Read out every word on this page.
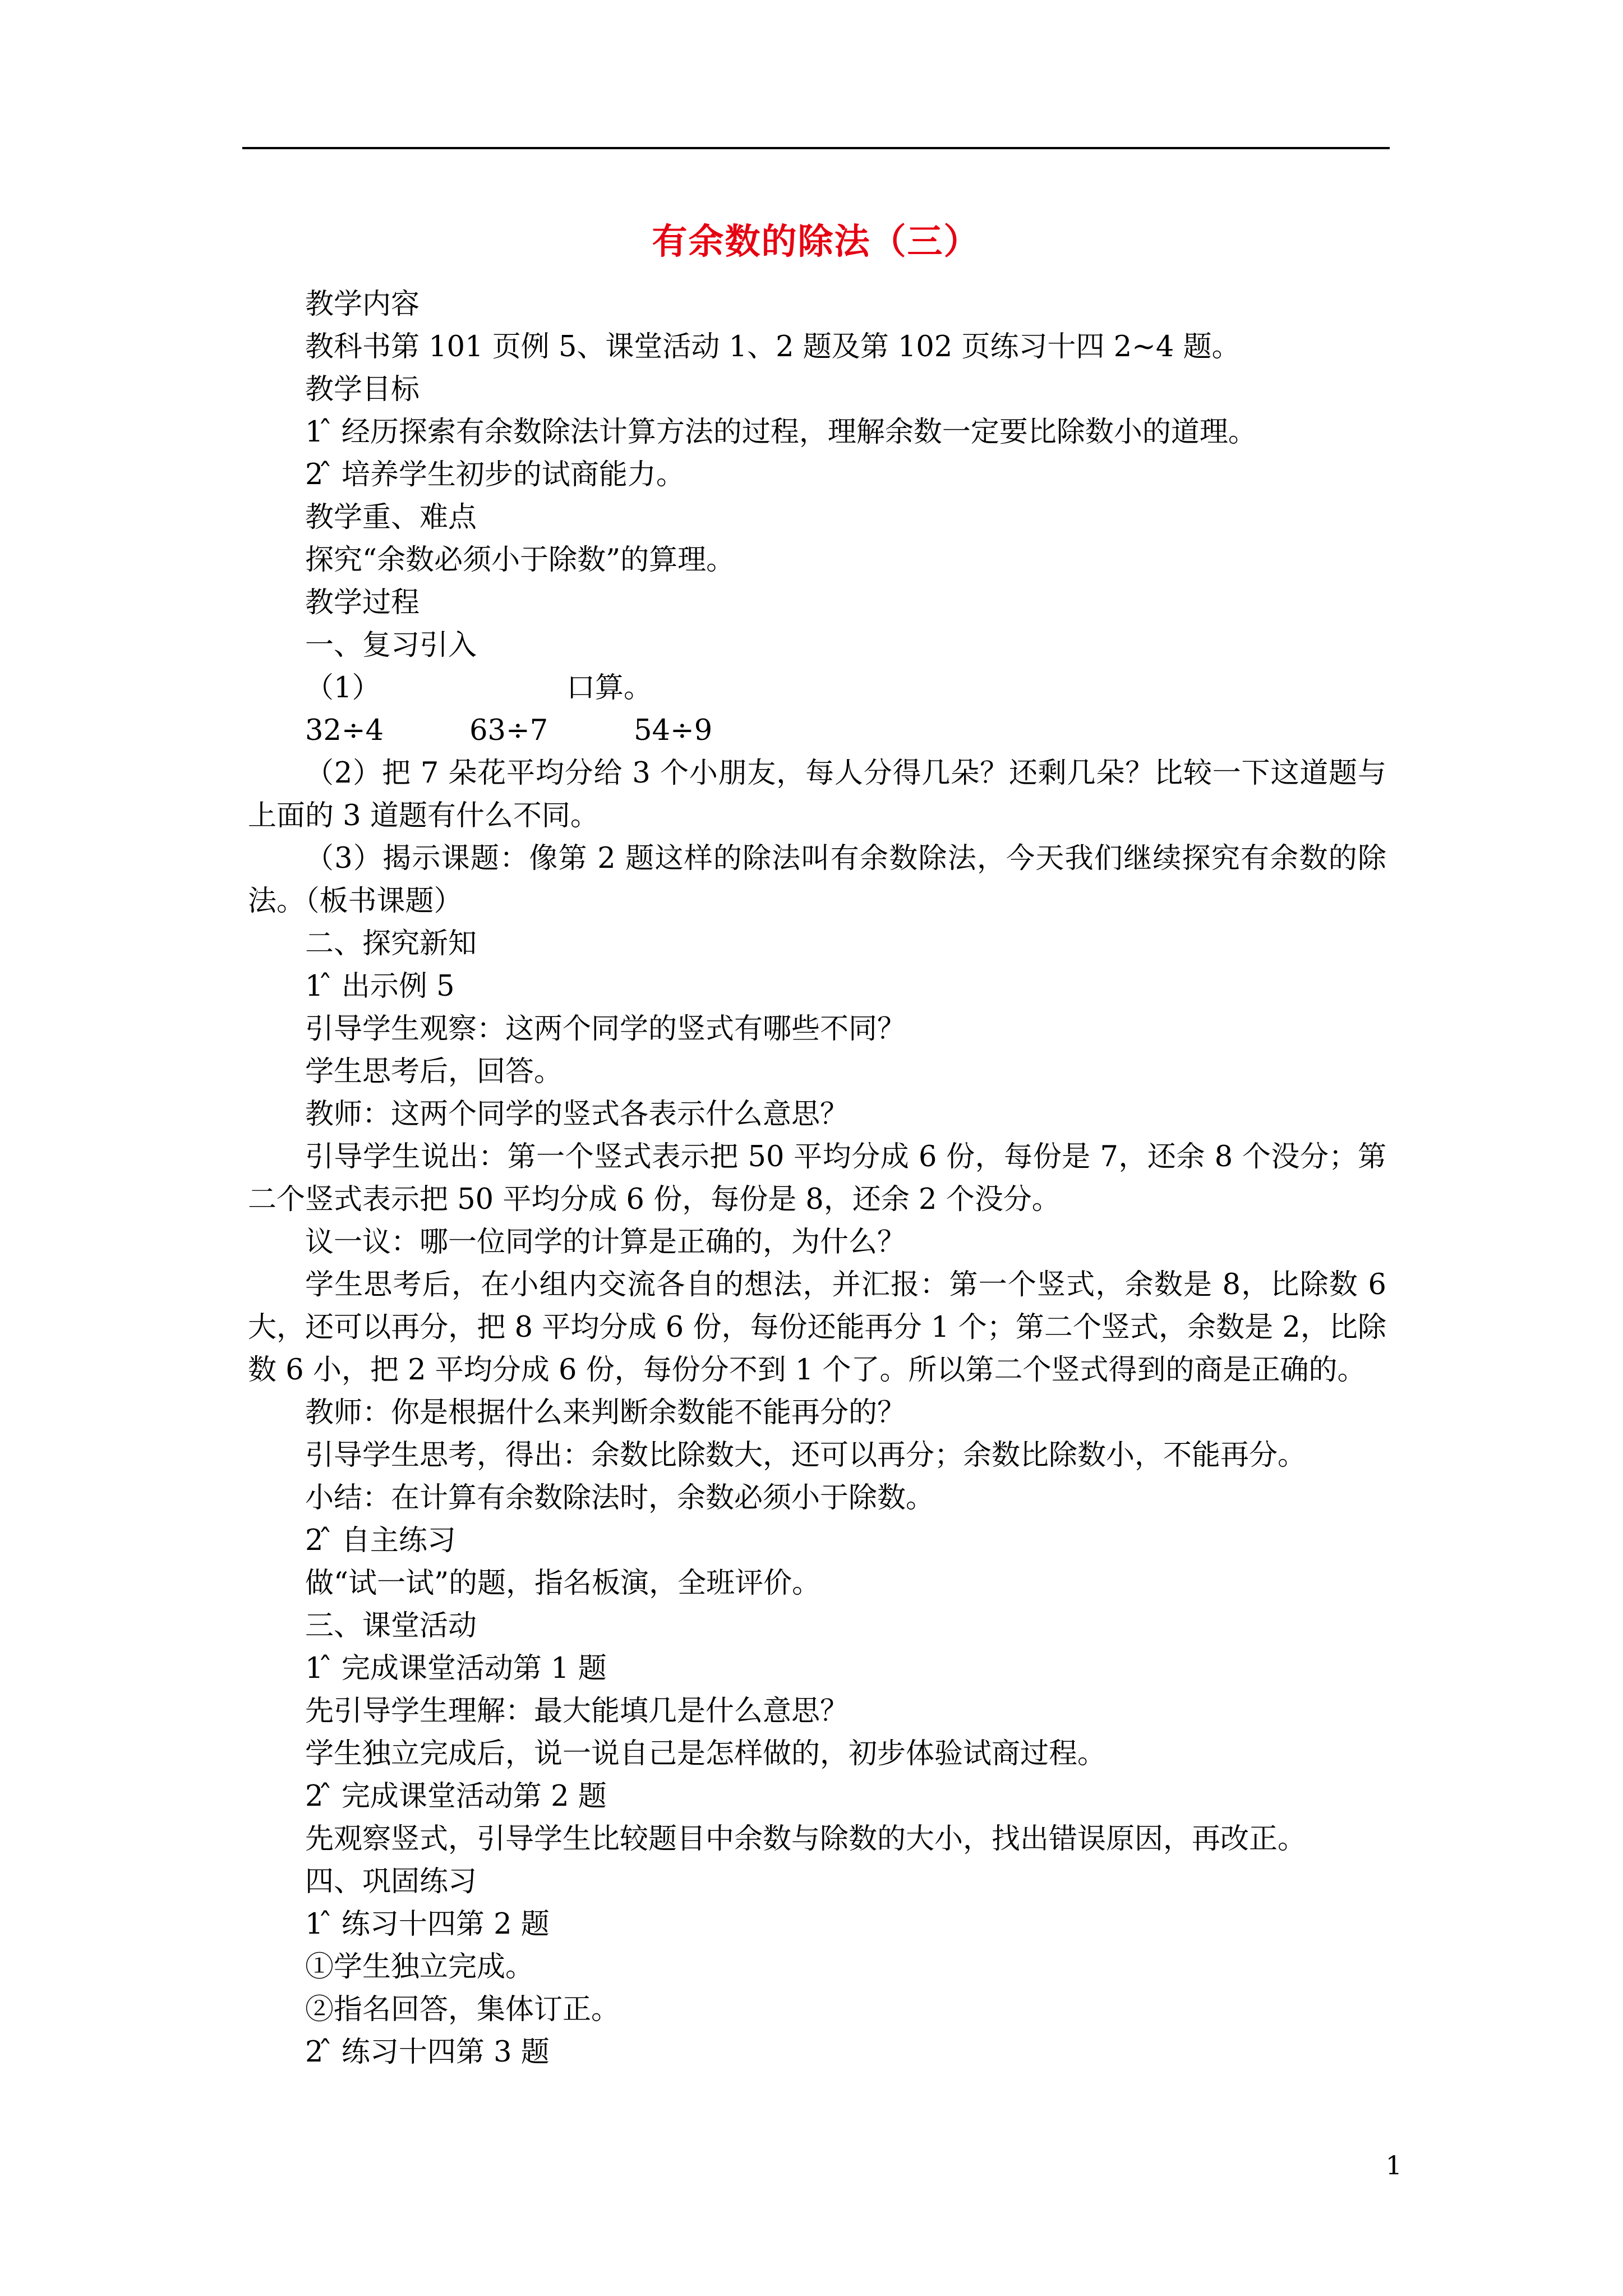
有余数的除法（三）

教学内容

教科书第 101 页例 5、课堂活动 1、2 题及第 102 页练习十四 2~4 题。

教学目标

1 ̂ 经历探索有余数除法计算方法的过程，理解余数一定要比除数小的道理。

2 ̂ 培养学生初步的试商能力。

教学重、难点

探究“余数必须小于除数”的算理。

教学过程

一、复习引入

（1）　　　　　　　口算。

32÷4　　　63÷7　　　54÷9

（2）把 7 朵花平均分给 3 个小朋友，每人分得几朵？还剩几朵？比较一下这道题与上面的 3 道题有什么不同。

（3）揭示课题：像第 2 题这样的除法叫有余数除法，今天我们继续探究有余数的除法。（板书课题）

二、探究新知

1 ̂ 出示例 5

引导学生观察：这两个同学的竖式有哪些不同？

学生思考后，回答。

教师：这两个同学的竖式各表示什么意思？

引导学生说出：第一个竖式表示把 50 平均分成 6 份，每份是 7，还余 8 个没分；第二个竖式表示把 50 平均分成 6 份，每份是 8，还余 2 个没分。

议一议：哪一位同学的计算是正确的，为什么？

学生思考后，在小组内交流各自的想法，并汇报：第一个竖式，余数是 8，比除数 6 大，还可以再分，把 8 平均分成 6 份，每份还能再分 1 个；第二个竖式，余数是 2，比除数 6 小，把 2 平均分成 6 份，每份分不到 1 个了。所以第二个竖式得到的商是正确的。

教师：你是根据什么来判断余数能不能再分的？

引导学生思考，得出：余数比除数大，还可以再分；余数比除数小，不能再分。

小结：在计算有余数除法时，余数必须小于除数。

2 ̂ 自主练习

做“试一试”的题，指名板演，全班评价。

三、课堂活动

1 ̂ 完成课堂活动第 1 题

先引导学生理解：最大能填几是什么意思？

学生独立完成后，说一说自己是怎样做的，初步体验试商过程。

2 ̂ 完成课堂活动第 2 题

先观察竖式，引导学生比较题目中余数与除数的大小，找出错误原因，再改正。

四、巩固练习

1 ̂ 练习十四第 2 题

①学生独立完成。

②指名回答，集体订正。

2 ̂ 练习十四第 3 题

1
